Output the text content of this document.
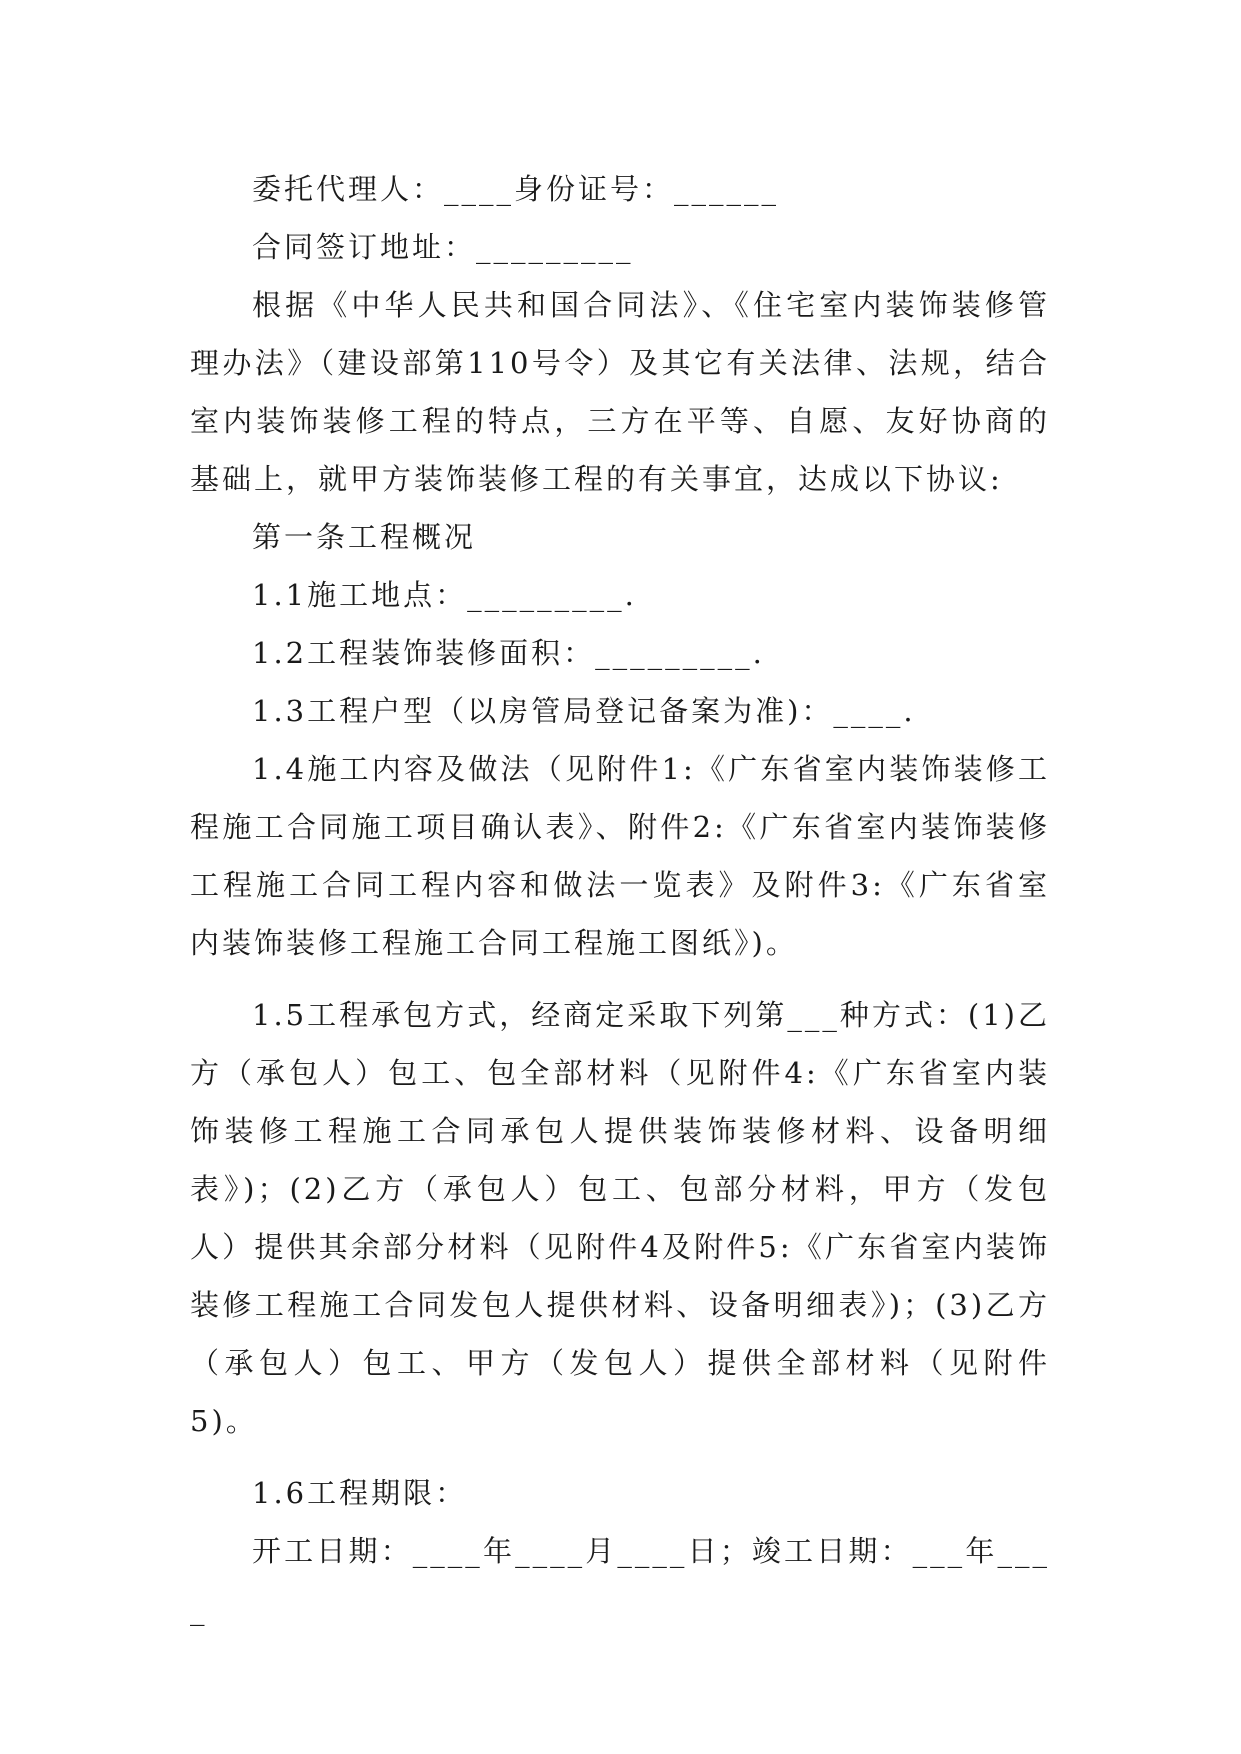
委托代理人：____身份证号：______

合同签订地址：_________

根据《中华人民共和国合同法》、《住宅室内装饰装修管理办法》（建设部第110号令）及其它有关法律、法规，结合室内装饰装修工程的特点，三方在平等、自愿、友好协商的基础上，就甲方装饰装修工程的有关事宜，达成以下协议:

第一条工程概况

1.1施工地点：_________.

1.2工程装饰装修面积：_________.

1.3工程户型（以房管局登记备案为准)：____.

1.4施工内容及做法（见附件1:《广东省室内装饰装修工程施工合同施工项目确认表》、附件2:《广东省室内装饰装修工程施工合同工程内容和做法一览表》及附件3:《广东省室内装饰装修工程施工合同工程施工图纸》)。

1.5工程承包方式，经商定采取下列第___种方式：(1)乙方（承包人）包工、包全部材料（见附件4:《广东省室内装饰装修工程施工合同承包人提供装饰装修材料、设备明细表》)；(2)乙方（承包人）包工、包部分材料，甲方（发包人）提供其余部分材料（见附件4及附件5:《广东省室内装饰装修工程施工合同发包人提供材料、设备明细表》)；(3)乙方（承包人）包工、甲方（发包人）提供全部材料（见附件5)。

1.6工程期限：

开工日期：____年____月____日；竣工日期：___年____
